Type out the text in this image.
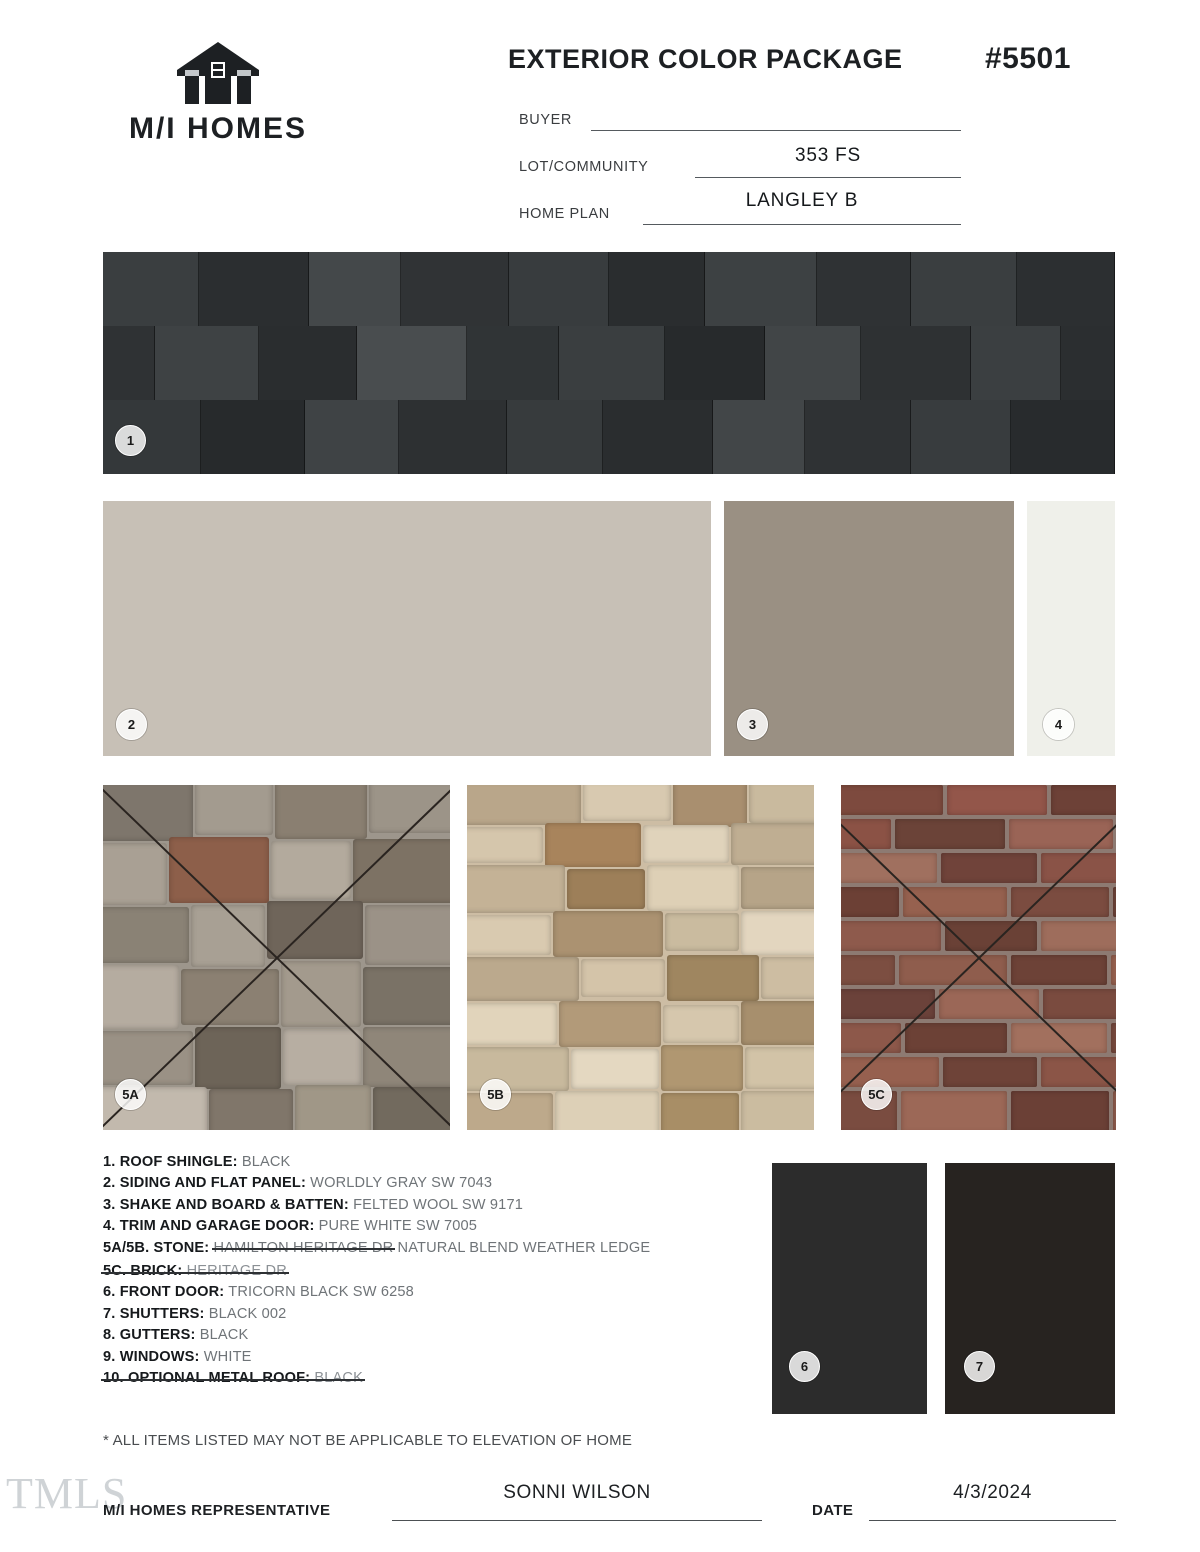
M/I HOMES
EXTERIOR COLOR PACKAGE	#5501
BUYER
LOT/COMMUNITY
353 FS
HOME PLAN
LANGLEY B
1
2	3	4
5A	5B	5C
6	7
1. ROOF SHINGLE: BLACK
2. SIDING AND FLAT PANEL: WORLDLY GRAY SW 7043
3. SHAKE AND BOARD & BATTEN: FELTED WOOL SW 9171
4. TRIM AND GARAGE DOOR: PURE WHITE SW 7005
5A/5B. STONE: HAMILTON HERITAGE DR NATURAL BLEND WEATHER LEDGE
5C. BRICK: HERITAGE DR
6. FRONT DOOR: TRICORN BLACK SW 6258
7. SHUTTERS: BLACK 002
8. GUTTERS: BLACK
9. WINDOWS: WHITE
10. OPTIONAL METAL ROOF: BLACK
* ALL ITEMS LISTED MAY NOT BE APPLICABLE TO ELEVATION OF HOME
TMLS
M/I HOMES REPRESENTATIVE
SONNI WILSON
DATE
4/3/2024
